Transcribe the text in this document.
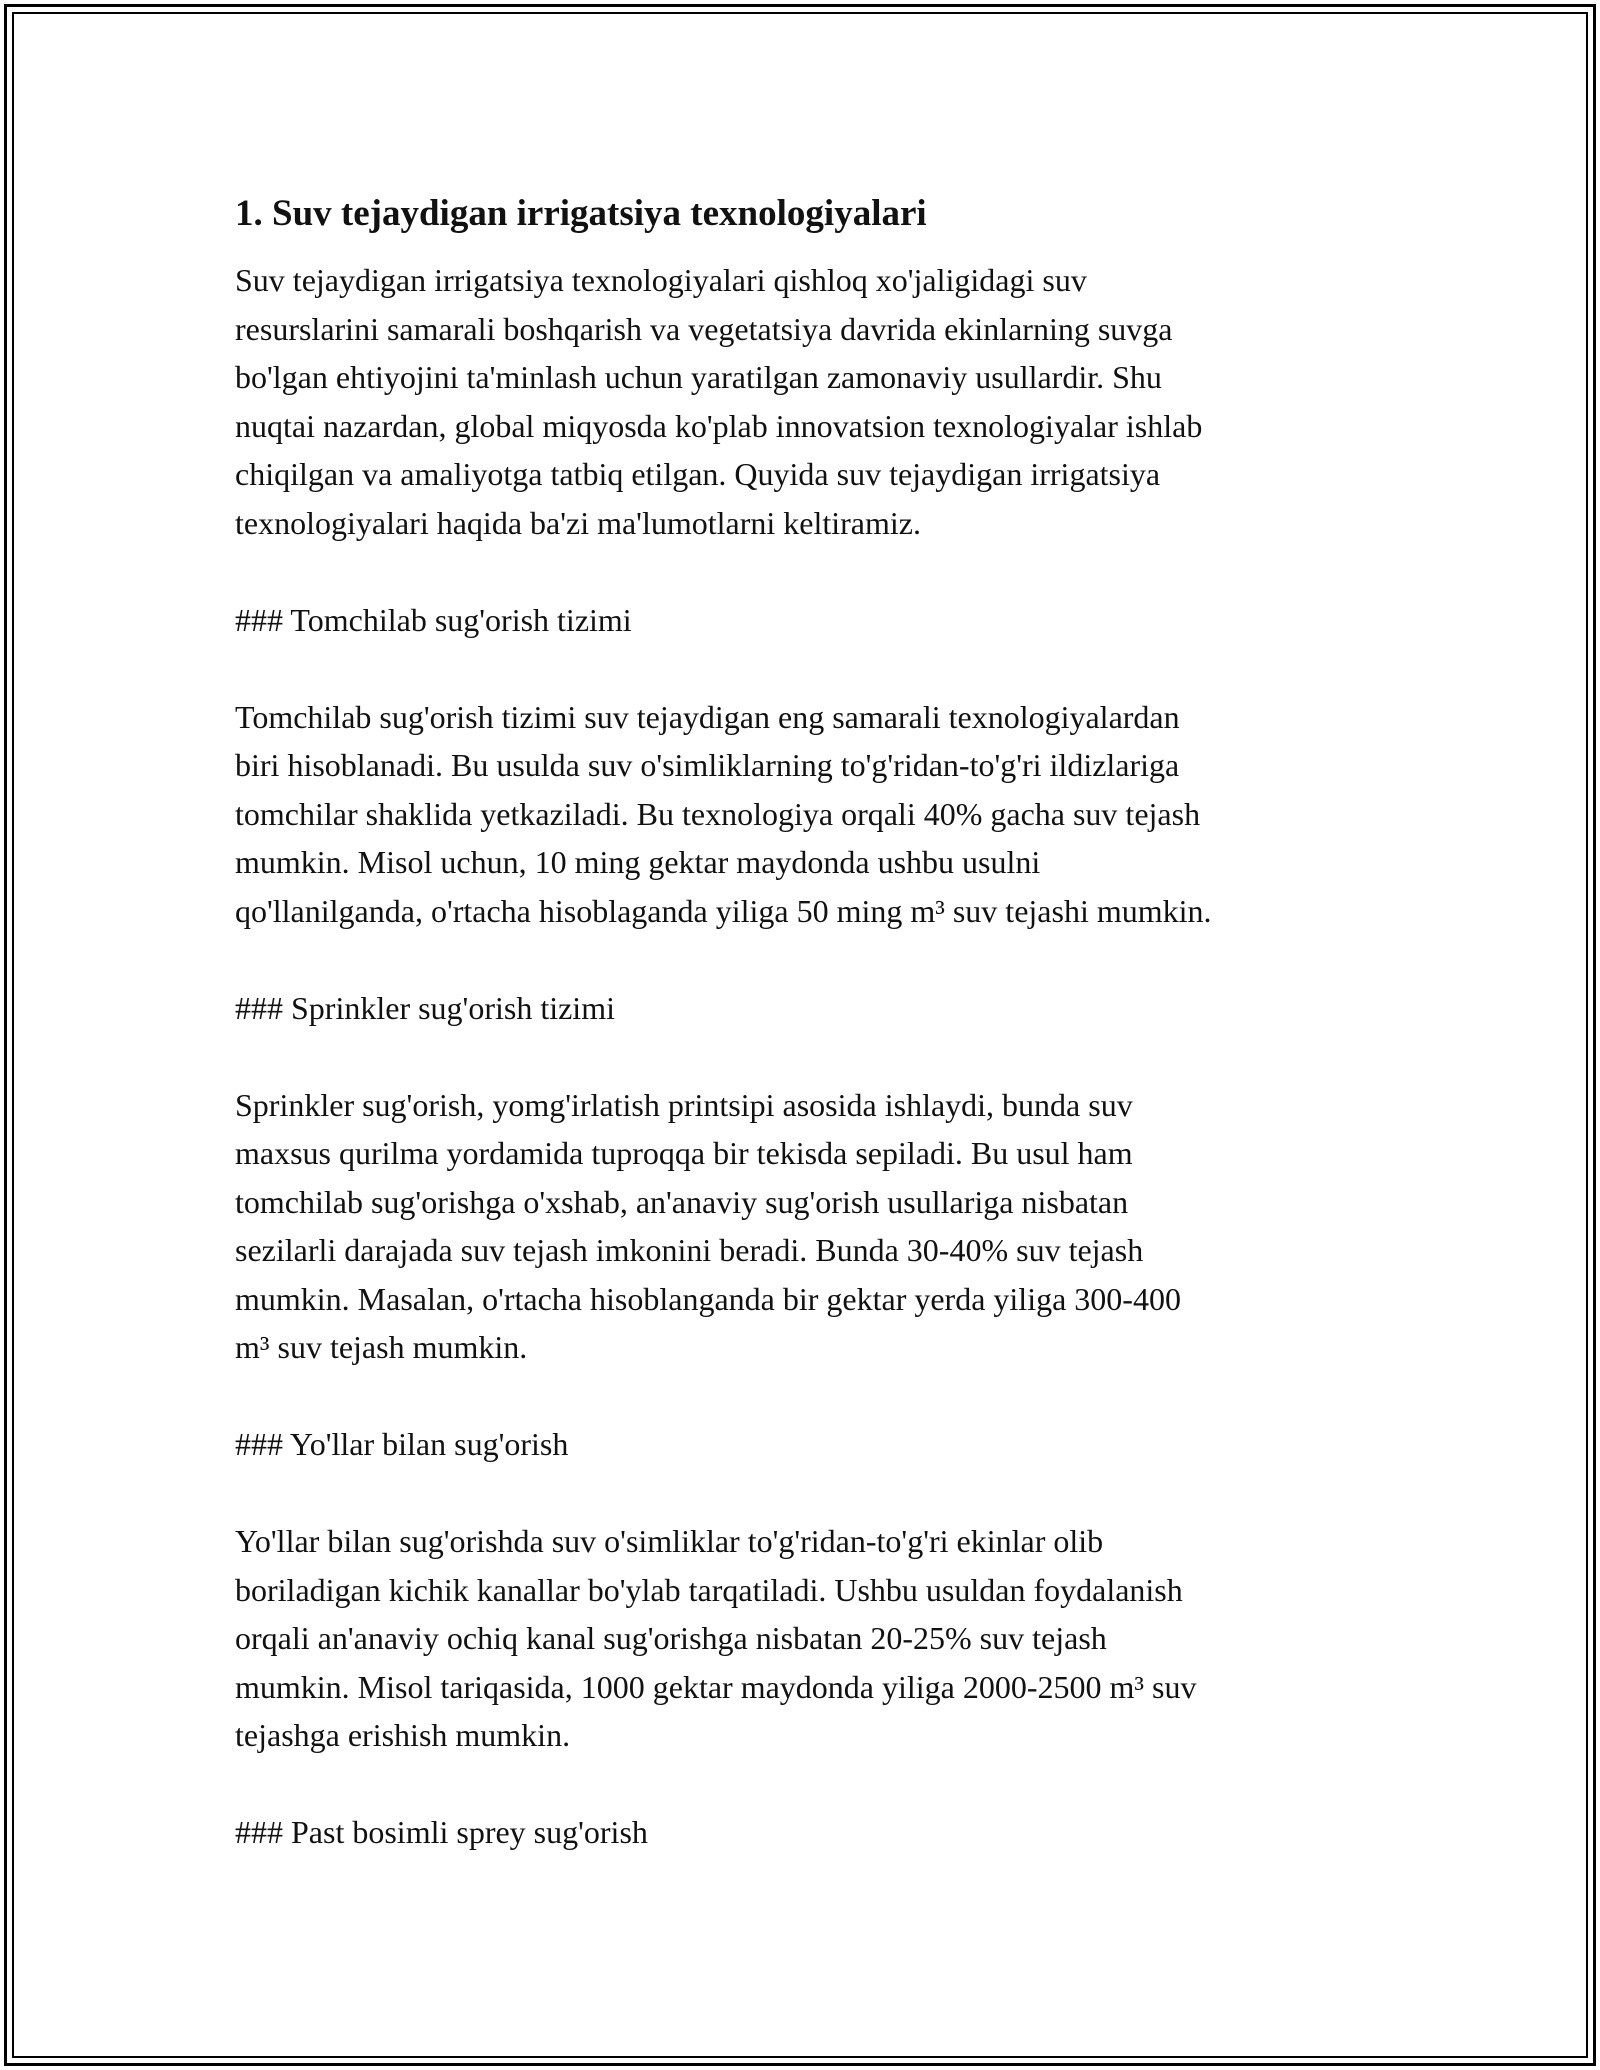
1. Suv tejaydigan irrigatsiya texnologiyalari

Suv tejaydigan irrigatsiya texnologiyalari qishloq xo'jaligidagi suv
resurslarini samarali boshqarish va vegetatsiya davrida ekinlarning suvga
bo'lgan ehtiyojini ta'minlash uchun yaratilgan zamonaviy usullardir. Shu
nuqtai nazardan, global miqyosda ko'plab innovatsion texnologiyalar ishlab
chiqilgan va amaliyotga tatbiq etilgan. Quyida suv tejaydigan irrigatsiya
texnologiyalari haqida ba'zi ma'lumotlarni keltiramiz.

### Tomchilab sug'orish tizimi

Tomchilab sug'orish tizimi suv tejaydigan eng samarali texnologiyalardan
biri hisoblanadi. Bu usulda suv o'simliklarning to'g'ridan-to'g'ri ildizlariga
tomchilar shaklida yetkaziladi. Bu texnologiya orqali 40% gacha suv tejash
mumkin. Misol uchun, 10 ming gektar maydonda ushbu usulni
qo'llanilganda, o'rtacha hisoblaganda yiliga 50 ming m³ suv tejashi mumkin.

### Sprinkler sug'orish tizimi

Sprinkler sug'orish, yomg'irlatish printsipi asosida ishlaydi, bunda suv
maxsus qurilma yordamida tuproqqa bir tekisda sepiladi. Bu usul ham
tomchilab sug'orishga o'xshab, an'anaviy sug'orish usullariga nisbatan
sezilarli darajada suv tejash imkonini beradi. Bunda 30-40% suv tejash
mumkin. Masalan, o'rtacha hisoblanganda bir gektar yerda yiliga 300-400
m³ suv tejash mumkin.

### Yo'llar bilan sug'orish

Yo'llar bilan sug'orishda suv o'simliklar to'g'ridan-to'g'ri ekinlar olib
boriladigan kichik kanallar bo'ylab tarqatiladi. Ushbu usuldan foydalanish
orqali an'anaviy ochiq kanal sug'orishga nisbatan 20-25% suv tejash
mumkin. Misol tariqasida, 1000 gektar maydonda yiliga 2000-2500 m³ suv
tejashga erishish mumkin.

### Past bosimli sprey sug'orish
